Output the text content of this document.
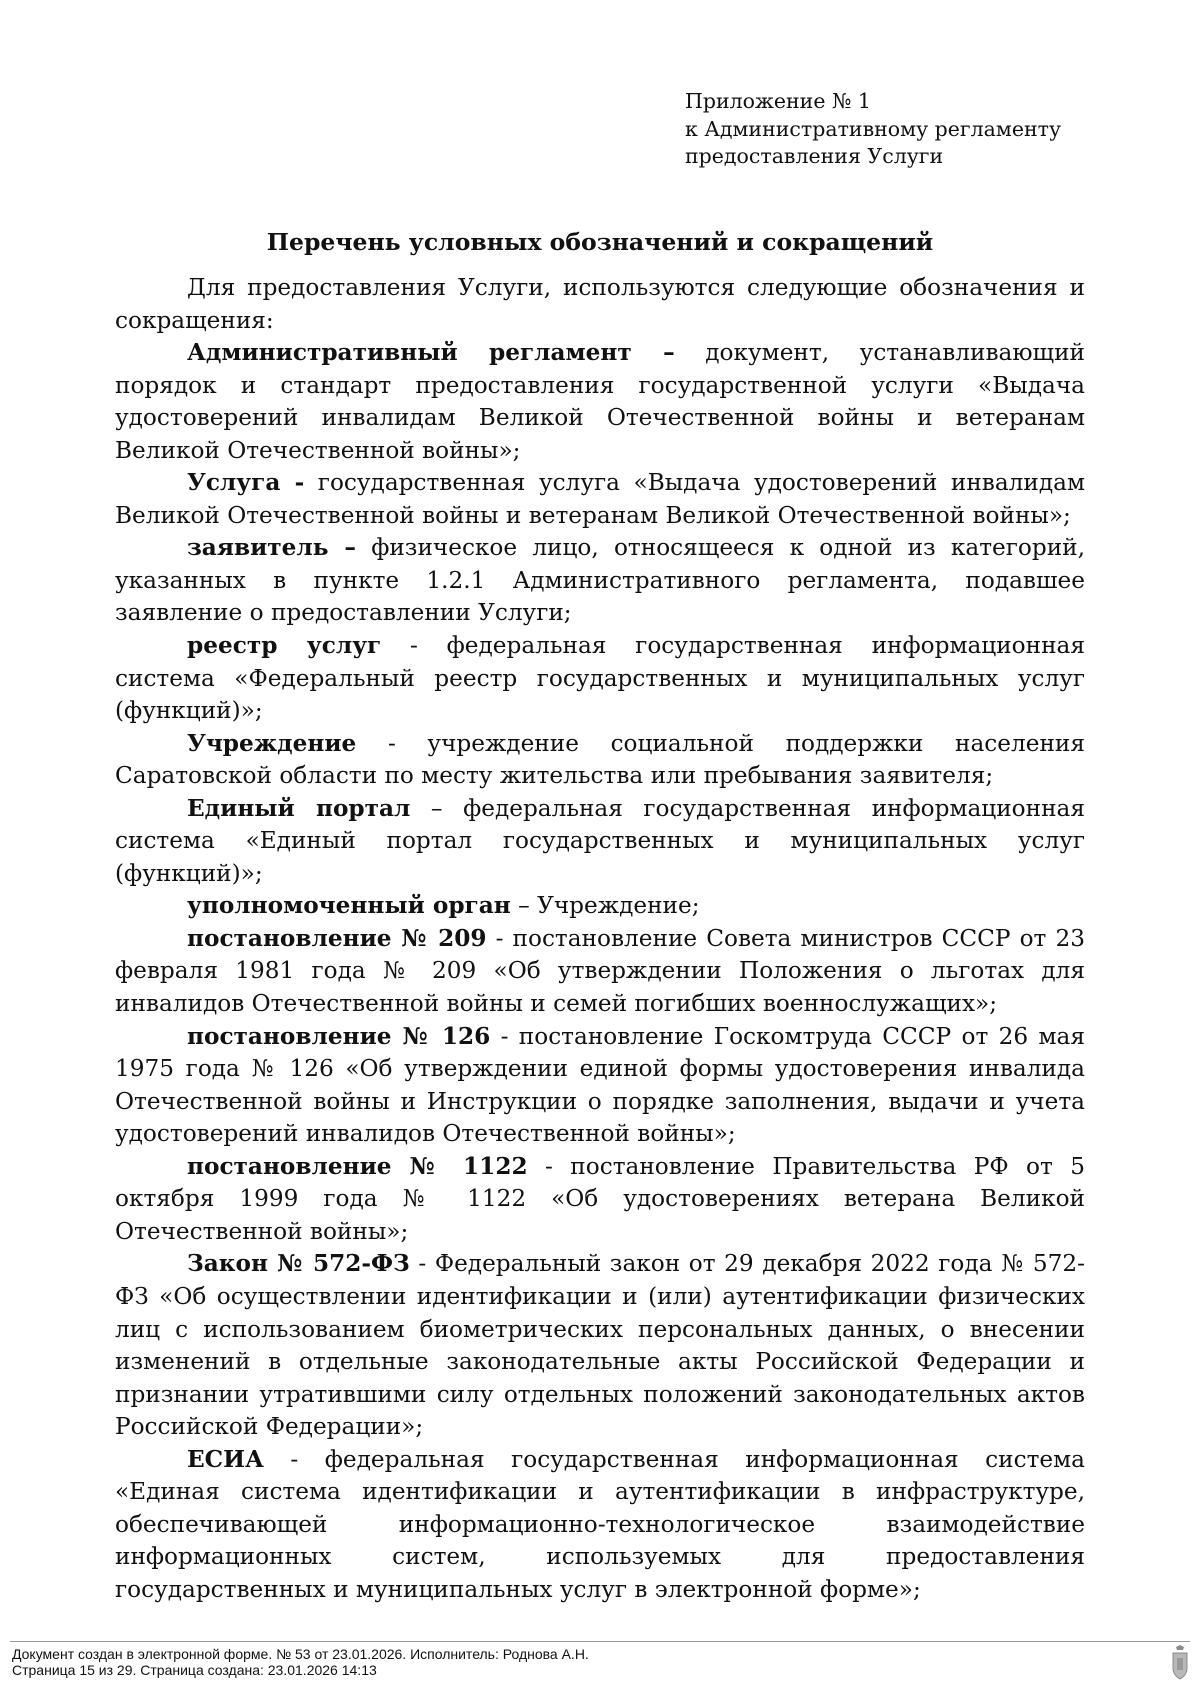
Приложение № 1
к Административному регламенту
предоставления Услуги
Перечень условных обозначений и сокращений

Для предоставления Услуги, используются следующие обозначения и сокращения:

Административный регламент – документ, устанавливающий порядок и стандарт предоставления государственной услуги «Выдача удостоверений инвалидам Великой Отечественной войны и ветеранам Великой Отечественной войны»;

Услуга - государственная услуга «Выдача удостоверений инвалидам Великой Отечественной войны и ветеранам Великой Отечественной войны»;

заявитель – физическое лицо, относящееся к одной из категорий, указанных в пункте 1.2.1 Административного регламента, подавшее заявление о предоставлении Услуги;

реестр услуг - федеральная государственная информационная система «Федеральный реестр государственных и муниципальных услуг (функций)»;

Учреждение - учреждение социальной поддержки населения Саратовской области по месту жительства или пребывания заявителя;

Единый портал – федеральная государственная информационная система «Единый портал государственных и муниципальных услуг (функций)»;

уполномоченный орган – Учреждение;

постановление № 209 - постановление Совета министров СССР от 23 февраля 1981 года № 209 «Об утверждении Положения о льготах для инвалидов Отечественной войны и семей погибших военнослужащих»;

постановление № 126 - постановление Госкомтруда СССР от 26 мая 1975 года № 126 «Об утверждении единой формы удостоверения инвалида Отечественной войны и Инструкции о порядке заполнения, выдачи и учета удостоверений инвалидов Отечественной войны»;

постановление № 1122 - постановление Правительства РФ от 5 октября 1999 года № 1122 «Об удостоверениях ветерана Великой Отечественной войны»;

Закон № 572-ФЗ - Федеральный закон от 29 декабря 2022 года № 572-ФЗ «Об осуществлении идентификации и (или) аутентификации физических лиц с использованием биометрических персональных данных, о внесении изменений в отдельные законодательные акты Российской Федерации и признании утратившими силу отдельных положений законодательных актов Российской Федерации»;

ЕСИА - федеральная государственная информационная система «Единая система идентификации и аутентификации в инфраструктуре, обеспечивающей информационно-технологическое взаимодействие информационных систем, используемых для предоставления государственных и муниципальных услуг в электронной форме»;

Документ создан в электронной форме. № 53 от 23.01.2026. Исполнитель: Роднова А.Н.
Страница 15 из 29. Страница создана: 23.01.2026 14:13
